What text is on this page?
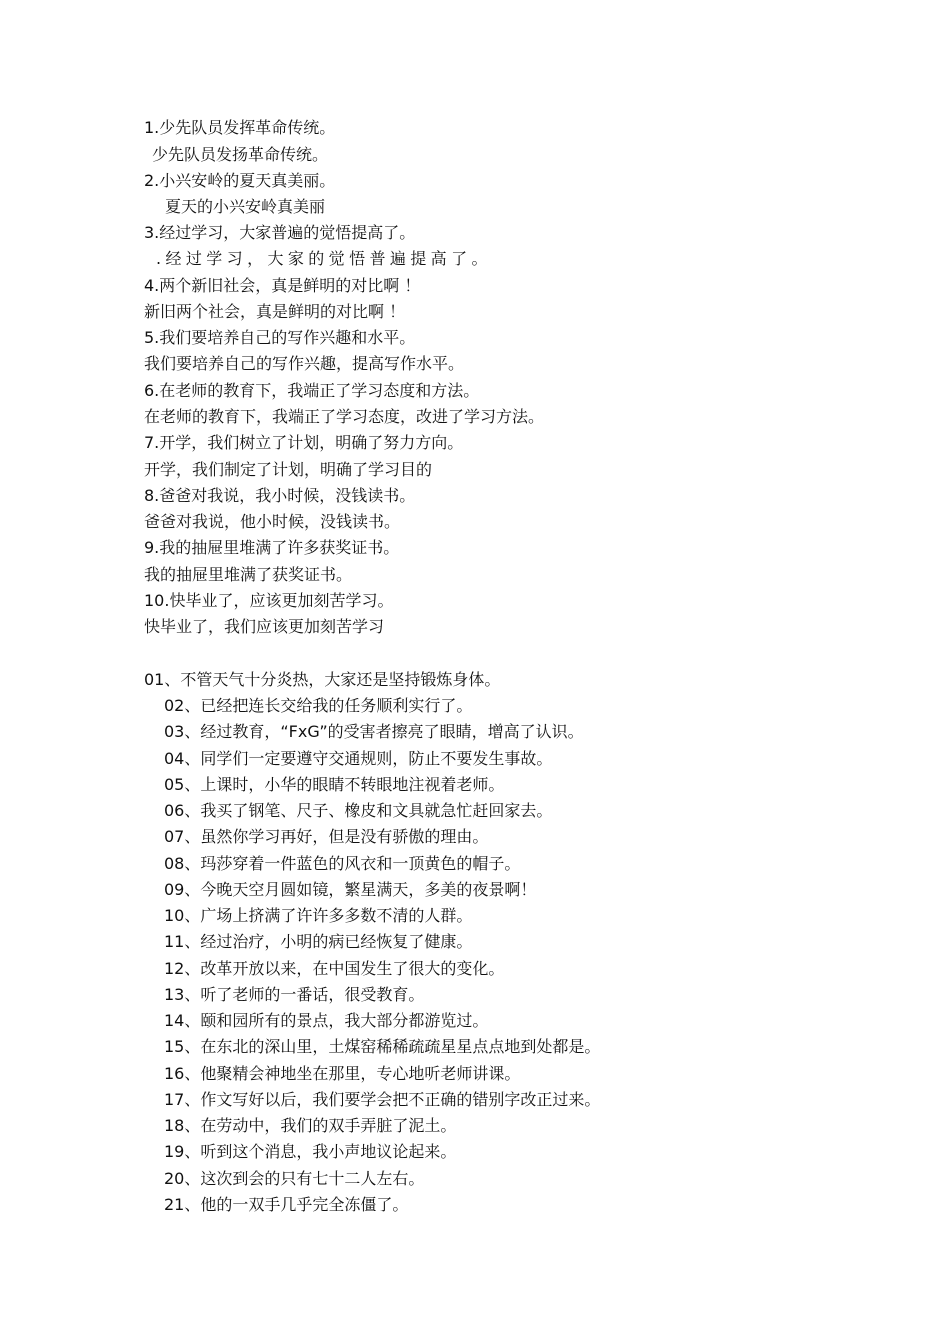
1.少先队员发挥革命传统。
少先队员发扬革命传统。
2.小兴安岭的夏天真美丽。
夏天的小兴安岭真美丽
3.经过学习，大家普遍的觉悟提高了。
.经过学习，大家的觉悟普遍提高了。
4.两个新旧社会，真是鲜明的对比啊 ！
新旧两个社会，真是鲜明的对比啊 ！
5.我们要培养自己的写作兴趣和水平。
我们要培养自己的写作兴趣，提高写作水平。
6.在老师的教育下，我端正了学习态度和方法。
在老师的教育下，我端正了学习态度，改进了学习方法。
7.开学，我们树立了计划，明确了努力方向。
开学，我们制定了计划，明确了学习目的
8.爸爸对我说，我小时候，没钱读书。
爸爸对我说，他小时候，没钱读书。
9.我的抽屉里堆满了许多获奖证书。
我的抽屉里堆满了获奖证书。
10.快毕业了，应该更加刻苦学习。
快毕业了，我们应该更加刻苦学习
01、不管天气十分炎热，大家还是坚持锻炼身体。
02、已经把连长交给我的任务顺利实行了。
03、经过教育，“FxG”的受害者擦亮了眼睛，增高了认识。
04、同学们一定要遵守交通规则，防止不要发生事故。
05、上课时，小华的眼睛不转眼地注视着老师。
06、我买了钢笔、尺子、橡皮和文具就急忙赶回家去。
07、虽然你学习再好，但是没有骄傲的理由。
08、玛莎穿着一件蓝色的风衣和一顶黄色的帽子。
09、今晚天空月圆如镜，繁星满天，多美的夜景啊！
10、广场上挤满了许许多多数不清的人群。
11、经过治疗，小明的病已经恢复了健康。
12、改革开放以来，在中国发生了很大的变化。
13、听了老师的一番话，很受教育。
14、颐和园所有的景点，我大部分都游览过。
15、在东北的深山里，土煤窑稀稀疏疏星星点点地到处都是。
16、他聚精会神地坐在那里，专心地听老师讲课。
17、作文写好以后，我们要学会把不正确的错别字改正过来。
18、在劳动中，我们的双手弄脏了泥土。
19、听到这个消息，我小声地议论起来。
20、这次到会的只有七十二人左右。
21、他的一双手几乎完全冻僵了。
